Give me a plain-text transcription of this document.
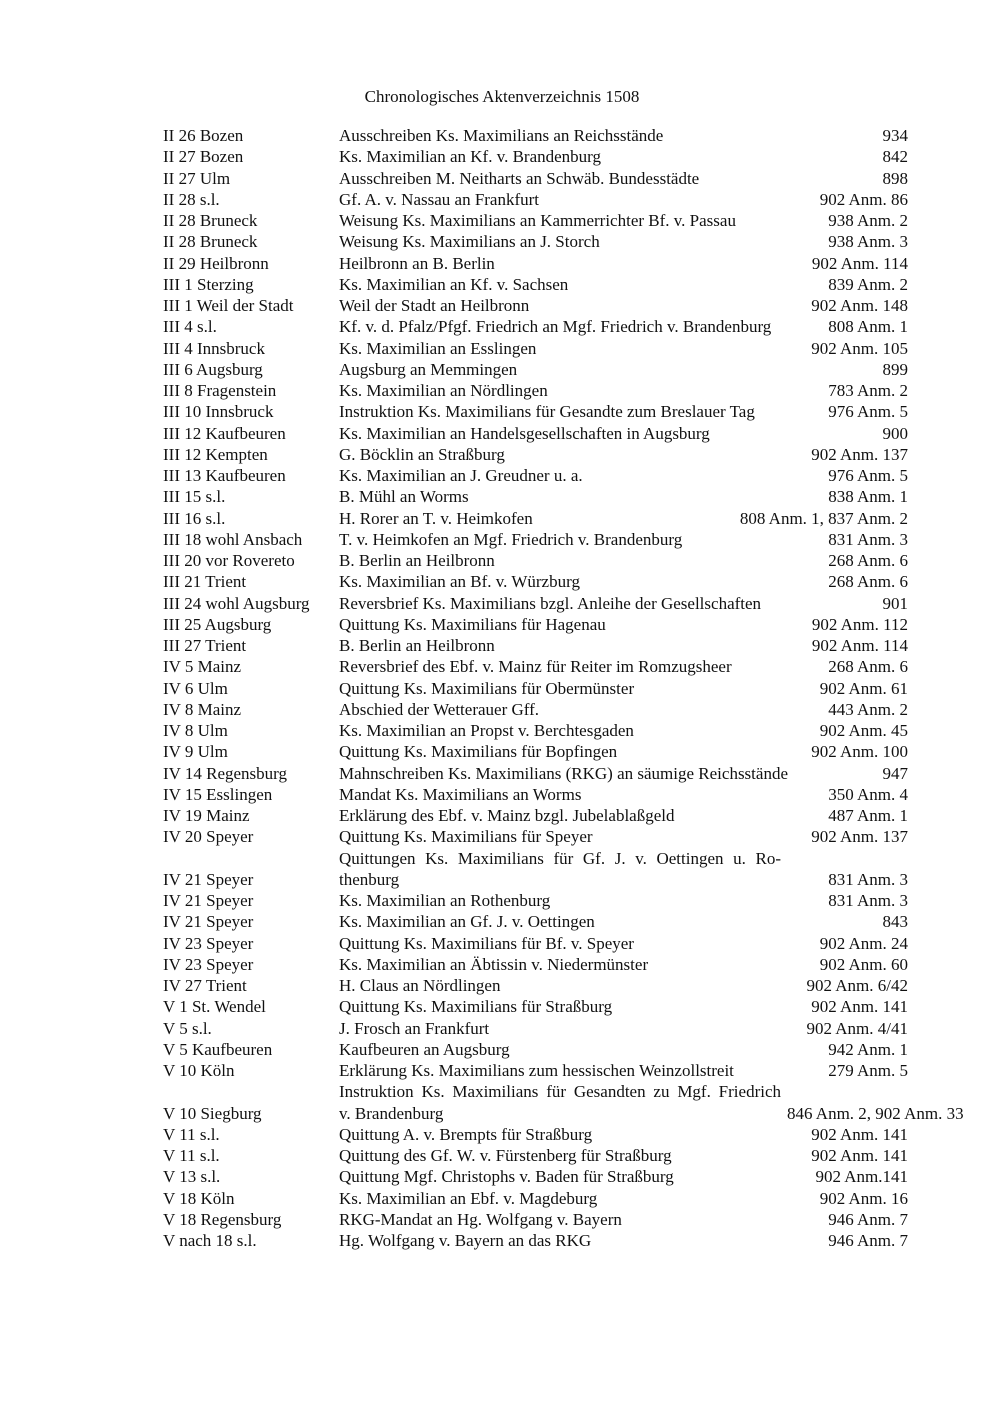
Chronologisches Aktenverzeichnis 1508
II 26 Bozen	Ausschreiben Ks. Maximilians an Reichsstände	934
II 27 Bozen	Ks. Maximilian an Kf. v. Brandenburg	842
II 27 Ulm	Ausschreiben M. Neitharts an Schwäb. Bundesstädte	898
II 28 s.l.	Gf. A. v. Nassau an Frankfurt	902 Anm. 86
II 28 Bruneck	Weisung Ks. Maximilians an Kammerrichter Bf. v. Passau	938 Anm. 2
II 28 Bruneck	Weisung Ks. Maximilians an J. Storch	938 Anm. 3
II 29 Heilbronn	Heilbronn an B. Berlin	902 Anm. 114
III 1 Sterzing	Ks. Maximilian an Kf. v. Sachsen	839 Anm. 2
III 1 Weil der Stadt	Weil der Stadt an Heilbronn	902 Anm. 148
III 4 s.l.	Kf. v. d. Pfalz/Pfgf. Friedrich an Mgf. Friedrich v. Brandenburg	808 Anm. 1
III 4 Innsbruck	Ks. Maximilian an Esslingen	902 Anm. 105
III 6 Augsburg	Augsburg an Memmingen	899
III 8 Fragenstein	Ks. Maximilian an Nördlingen	783 Anm. 2
III 10 Innsbruck	Instruktion Ks. Maximilians für Gesandte zum Breslauer Tag	976 Anm. 5
III 12 Kaufbeuren	Ks. Maximilian an Handelsgesellschaften in Augsburg	900
III 12 Kempten	G. Böcklin an Straßburg	902 Anm. 137
III 13 Kaufbeuren	Ks. Maximilian an J. Greudner u. a.	976 Anm. 5
III 15 s.l.	B. Mühl an Worms	838 Anm. 1
III 16 s.l.	H. Rorer an T. v. Heimkofen	808 Anm. 1, 837 Anm. 2
III 18 wohl Ansbach	T. v. Heimkofen an Mgf. Friedrich v. Brandenburg	831 Anm. 3
III 20 vor Rovereto	B. Berlin an Heilbronn	268 Anm. 6
III 21 Trient	Ks. Maximilian an Bf. v. Würzburg	268 Anm. 6
III 24 wohl Augsburg	Reversbrief Ks. Maximilians bzgl. Anleihe der Gesellschaften	901
III 25 Augsburg	Quittung Ks. Maximilians für Hagenau	902 Anm. 112
III 27 Trient	B. Berlin an Heilbronn	902 Anm. 114
IV 5 Mainz	Reversbrief des Ebf. v. Mainz für Reiter im Romzugsheer	268 Anm. 6
IV 6 Ulm	Quittung Ks. Maximilians für Obermünster	902 Anm. 61
IV 8 Mainz	Abschied der Wetterauer Gff.	443 Anm. 2
IV 8 Ulm	Ks. Maximilian an Propst v. Berchtesgaden	902 Anm. 45
IV 9 Ulm	Quittung Ks. Maximilians für Bopfingen	902 Anm. 100
IV 14 Regensburg	Mahnschreiben Ks. Maximilians (RKG) an säumige Reichsstände	947
IV 15 Esslingen	Mandat Ks. Maximilians an Worms	350 Anm. 4
IV 19 Mainz	Erklärung des Ebf. v. Mainz bzgl. Jubelablaßgeld	487 Anm. 1
IV 20 Speyer	Quittung Ks. Maximilians für Speyer	902 Anm. 137
IV 21 Speyer
Quittungen Ks. Maximilians für Gf. J. v. Oettingen u. Ro-
thenburg	831 Anm. 3
IV 21 Speyer	Ks. Maximilian an Rothenburg	831 Anm. 3
IV 21 Speyer	Ks. Maximilian an Gf. J. v. Oettingen	843
IV 23 Speyer	Quittung Ks. Maximilians für Bf. v. Speyer	902 Anm. 24
IV 23 Speyer	Ks. Maximilian an Äbtissin v. Niedermünster	902 Anm. 60
IV 27 Trient	H. Claus an Nördlingen	902 Anm. 6/42
V 1 St. Wendel	Quittung Ks. Maximilians für Straßburg	902 Anm. 141
V 5 s.l.	J. Frosch an Frankfurt	902 Anm. 4/41
V 5 Kaufbeuren	Kaufbeuren an Augsburg	942 Anm. 1
V 10 Köln	Erklärung Ks. Maximilians zum hessischen Weinzollstreit	279 Anm. 5
V 10 Siegburg
Instruktion Ks. Maximilians für Gesandten zu Mgf. Friedrich
v. Brandenburg	846 Anm. 2, 902 Anm. 33
V 11 s.l.	Quittung A. v. Brempts für Straßburg	902 Anm. 141
V 11 s.l.	Quittung des Gf. W. v. Fürstenberg für Straßburg	902 Anm. 141
V 13 s.l.	Quittung Mgf. Christophs v. Baden für Straßburg	902 Anm.141
V 18 Köln	Ks. Maximilian an Ebf. v. Magdeburg	902 Anm. 16
V 18 Regensburg	RKG-Mandat an Hg. Wolfgang v. Bayern	946 Anm. 7
V nach 18 s.l.	Hg. Wolfgang v. Bayern an das RKG	946 Anm. 7
